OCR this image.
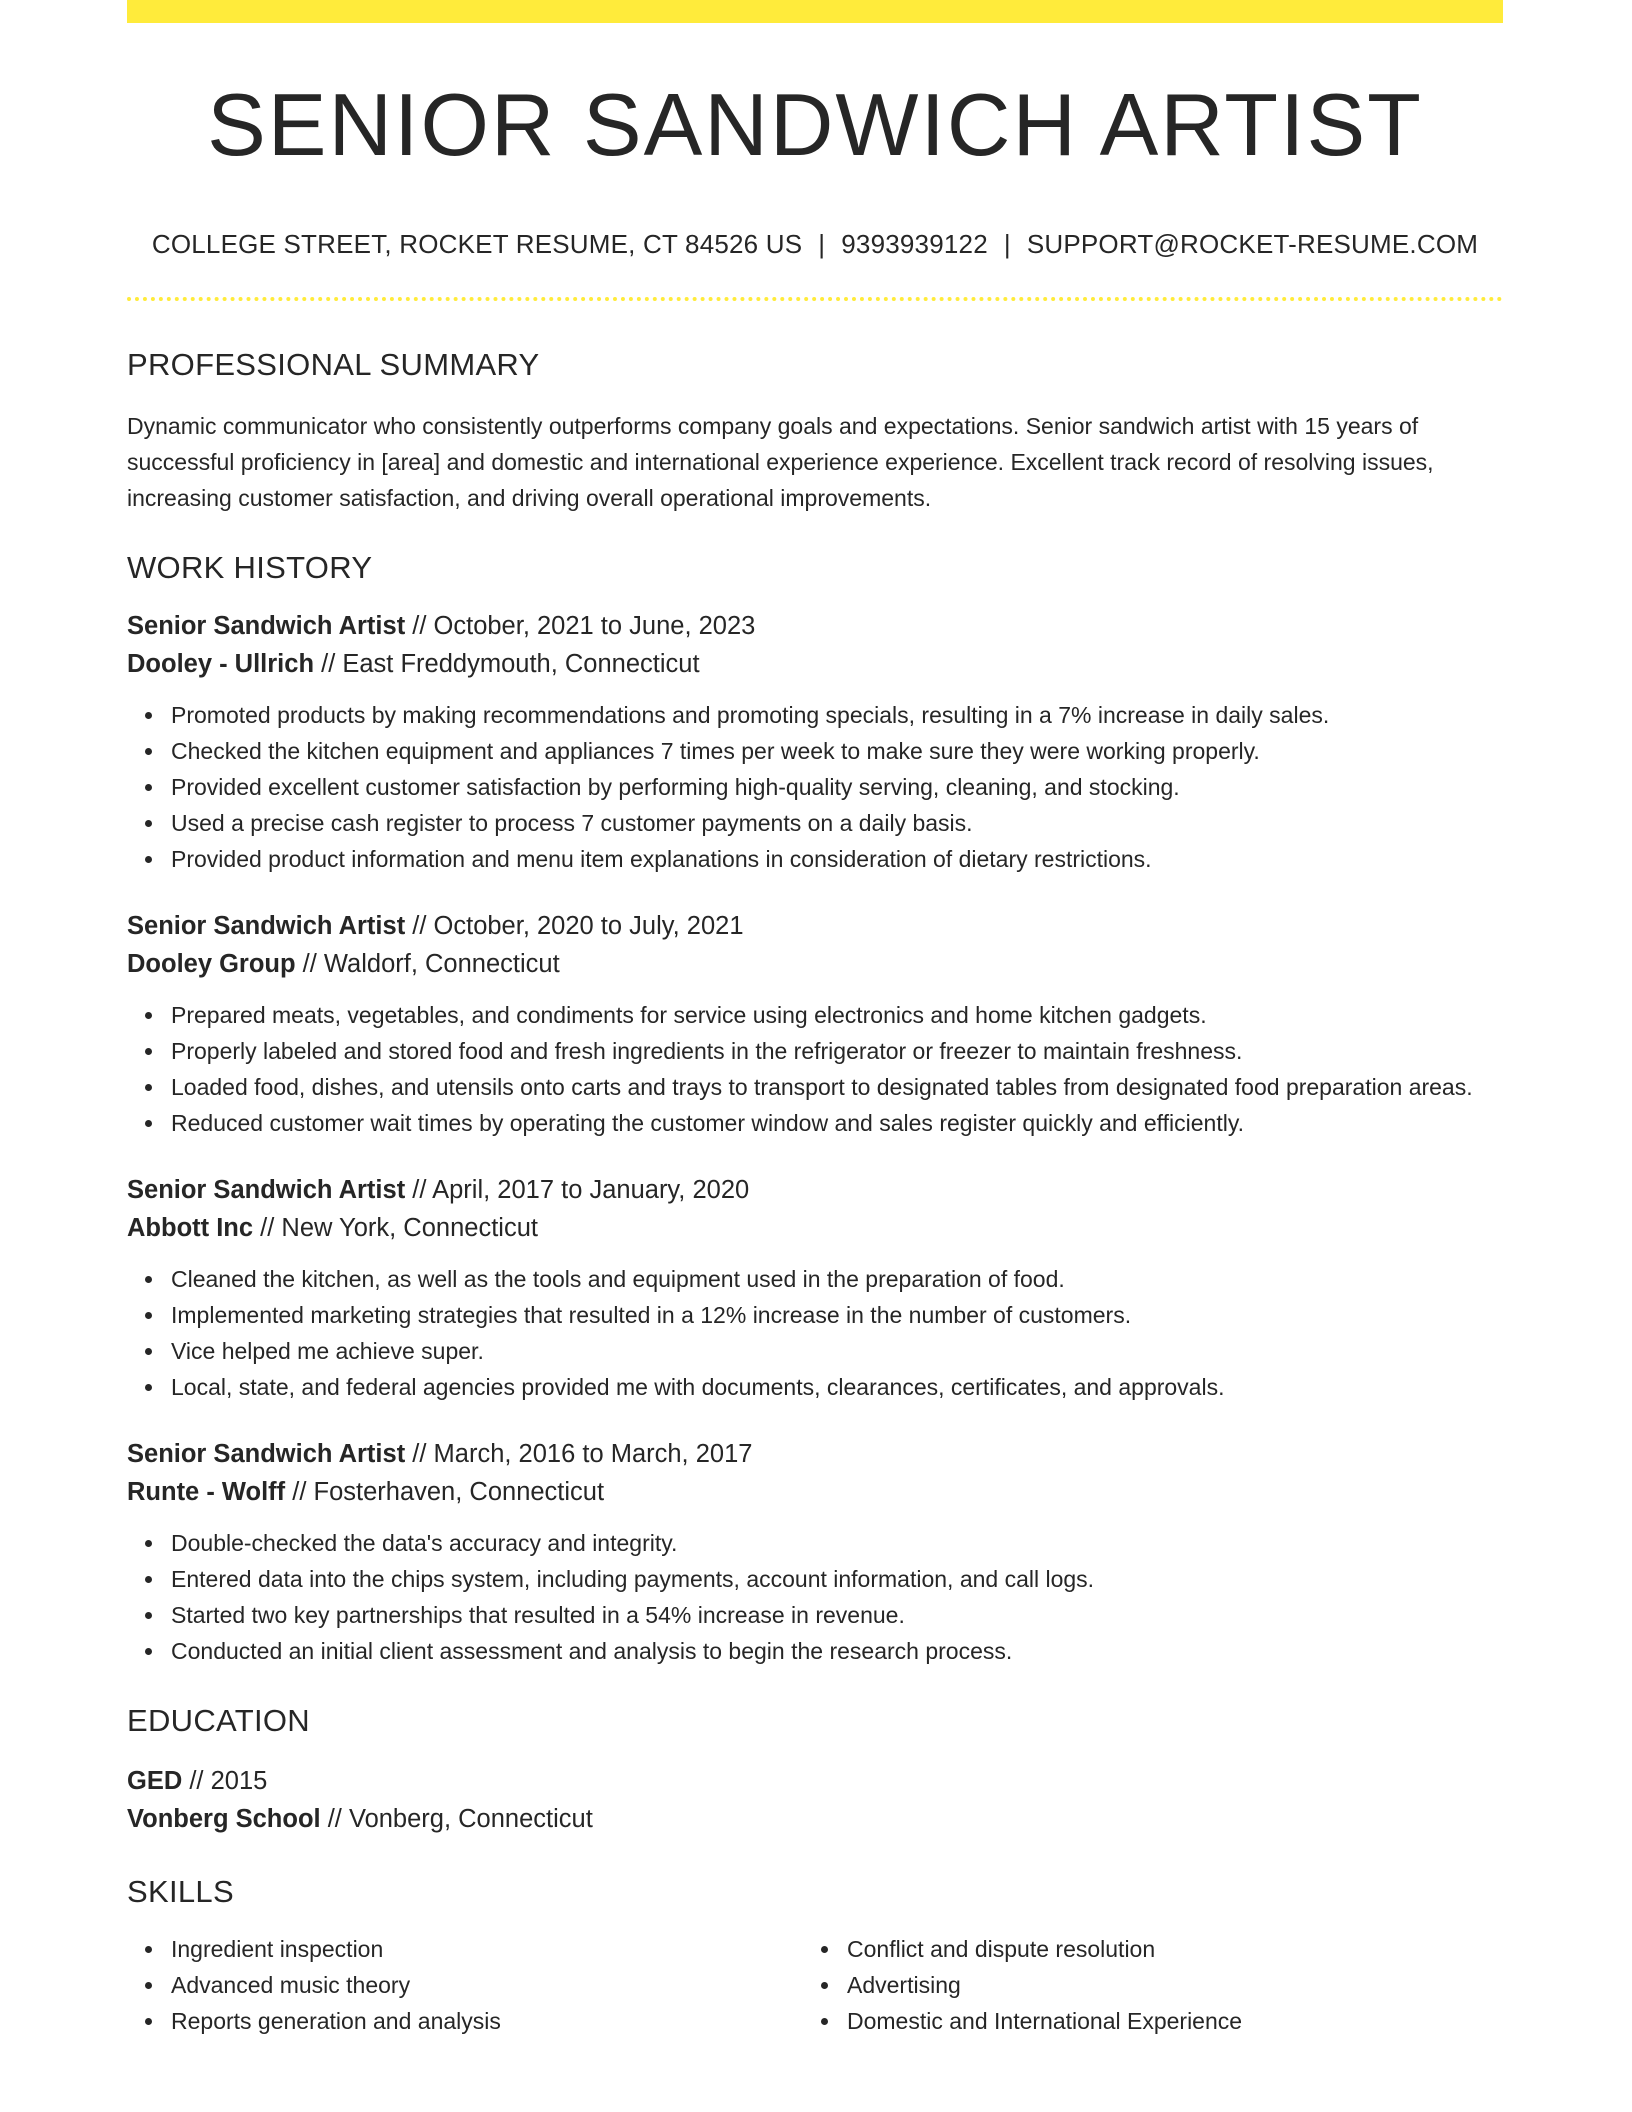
SENIOR SANDWICH ARTIST
COLLEGE STREET, ROCKET RESUME, CT 84526 US | 9393939122 | SUPPORT@ROCKET-RESUME.COM
PROFESSIONAL SUMMARY

Dynamic communicator who consistently outperforms company goals and expectations. Senior sandwich artist with 15 years of successful proficiency in [area] and domestic and international experience experience. Excellent track record of resolving issues, increasing customer satisfaction, and driving overall operational improvements.

WORK HISTORY
Senior Sandwich Artist // October, 2021 to June, 2023
Dooley - Ullrich // East Freddymouth, Connecticut
Promoted products by making recommendations and promoting specials, resulting in a 7% increase in daily sales.
Checked the kitchen equipment and appliances 7 times per week to make sure they were working properly.
Provided excellent customer satisfaction by performing high-quality serving, cleaning, and stocking.
Used a precise cash register to process 7 customer payments on a daily basis.
Provided product information and menu item explanations in consideration of dietary restrictions.
Senior Sandwich Artist // October, 2020 to July, 2021
Dooley Group // Waldorf, Connecticut
Prepared meats, vegetables, and condiments for service using electronics and home kitchen gadgets.
Properly labeled and stored food and fresh ingredients in the refrigerator or freezer to maintain freshness.
Loaded food, dishes, and utensils onto carts and trays to transport to designated tables from designated food preparation areas.
Reduced customer wait times by operating the customer window and sales register quickly and efficiently.
Senior Sandwich Artist // April, 2017 to January, 2020
Abbott Inc // New York, Connecticut
Cleaned the kitchen, as well as the tools and equipment used in the preparation of food.
Implemented marketing strategies that resulted in a 12% increase in the number of customers.
Vice helped me achieve super.
Local, state, and federal agencies provided me with documents, clearances, certificates, and approvals.
Senior Sandwich Artist // March, 2016 to March, 2017
Runte - Wolff // Fosterhaven, Connecticut
Double-checked the data's accuracy and integrity.
Entered data into the chips system, including payments, account information, and call logs.
Started two key partnerships that resulted in a 54% increase in revenue.
Conducted an initial client assessment and analysis to begin the research process.
EDUCATION
GED // 2015
Vonberg School // Vonberg, Connecticut
SKILLS
Ingredient inspection
Advanced music theory
Reports generation and analysis
Conflict and dispute resolution
Advertising
Domestic and International Experience
